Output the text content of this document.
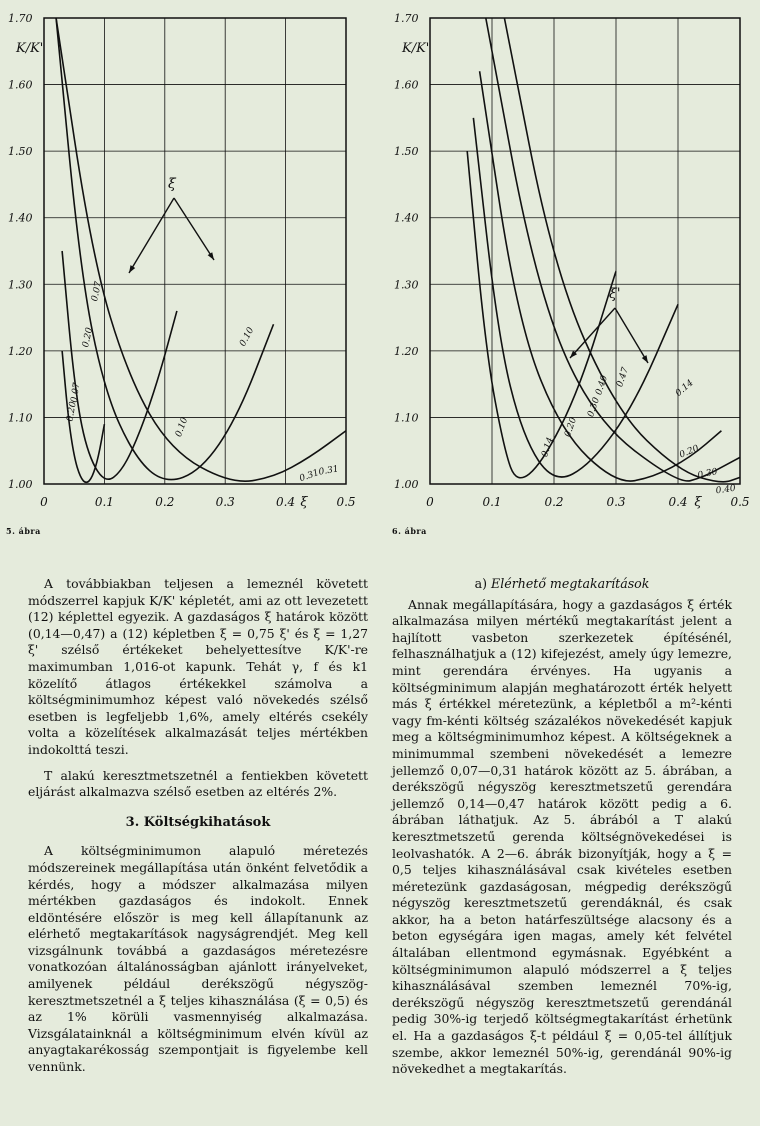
1.70
1.60
1.50
1.40
1.30
1.20
1.10
1.00
0	0.1	0.2	0.3	0.4	0.5
K/K'
ξ
0.07
0.10
0.20
0.31
0.07
0.10
0.20
0.31
ξ
1.70
1.60
1.50
1.40
1.30
1.20
1.10
1.00
0	0.1	0.2	0.3	0.4	0.5
K/K'
ξ
0.47
0.40
0.30
0.20
0.14
0.14
0.20
0.30
0.40
ξ'
5. ábra	6. ábra

A továbbiakban teljesen a lemeznél követett módszerrel kapjuk K/K' képletét, ami az ott levezetett (12) képlettel egyezik. A gazdaságos ξ határok között (0,14—0,47) a (12) képletben ξ = 0,75 ξ' és ξ = 1,27 ξ' szélső értékeket behelyettesítve K/K'-re maximumban 1,016-ot kapunk. Tehát γ, f és k1 közelítő átlagos értékekkel számolva a költségminimumhoz képest való növekedés szélső esetben is legfeljebb 1,6%, amely eltérés csekély volta a közelítések alkalmazását teljes mértékben indokolttá teszi.

T alakú keresztmetszetnél a fentiekben követett eljárást alkalmazva szélső esetben az eltérés 2%.

3. Költségkihatások

A költségminimumon alapuló méretezés módszereinek megállapítása után önként felvetődik a kérdés, hogy a módszer alkalmazása milyen mértékben gazdaságos és indokolt. Ennek eldöntésére először is meg kell állapítanunk az elérhető megtakarítások nagyságrendjét. Meg kell vizsgálnunk továbbá a gazdaságos méretezésre vonatkozóan általánosságban ajánlott irányelveket, amilyenek például derékszögű négyszög-keresztmetszetnél a ξ teljes kihasználása (ξ = 0,5) és az 1% körüli vasmennyiség alkalmazása. Vizsgálatainknál a költségminimum elvén kívül az anyagtakarékosság szempontjait is figyelembe kell vennünk.

a) Elérhető megtakarítások

Annak megállapítására, hogy a gazdaságos ξ érték alkalmazása milyen mértékű megtakarítást jelent a hajlított vasbeton szerkezetek építésénél, felhasználhatjuk a (12) kifejezést, amely úgy lemezre, mint gerendára érvényes. Ha ugyanis a költségminimum alapján meghatározott érték helyett más ξ értékkel méretezünk, a képletből a m²-kénti vagy fm-kénti költség százalékos növekedését kapjuk meg a költségminimumhoz képest. A költségeknek a minimummal szembeni növekedését a lemezre jellemző 0,07—0,31 határok között az 5. ábrában, a derékszögű négyszög keresztmetszetű gerendára jellemző 0,14—0,47 határok között pedig a 6. ábrában láthatjuk. Az 5. ábrából a T alakú keresztmetszetű gerenda költségnövekedései is leolvashatók. A 2—6. ábrák bizonyítják, hogy a ξ = 0,5 teljes kihasználásával csak kivételes esetben méretezünk gazdaságosan, mégpedig derékszögű négyszög keresztmetszetű gerendáknál, és csak akkor, ha a beton határfeszültsége alacsony és a beton egységára igen magas, amely két felvétel általában ellentmond egymásnak. Egyébként a költségminimumon alapuló módszerrel a ξ teljes kihasználásával szemben lemeznél 70%-ig, derékszögű négyszög keresztmetszetű gerendánál pedig 30%-ig terjedő költségmegtakarítást érhetünk el. Ha a gazdaságos ξ-t például ξ = 0,05-tel állítjuk szembe, akkor lemeznél 50%-ig, gerendánál 90%-ig növekedhet a megtakarítás.
